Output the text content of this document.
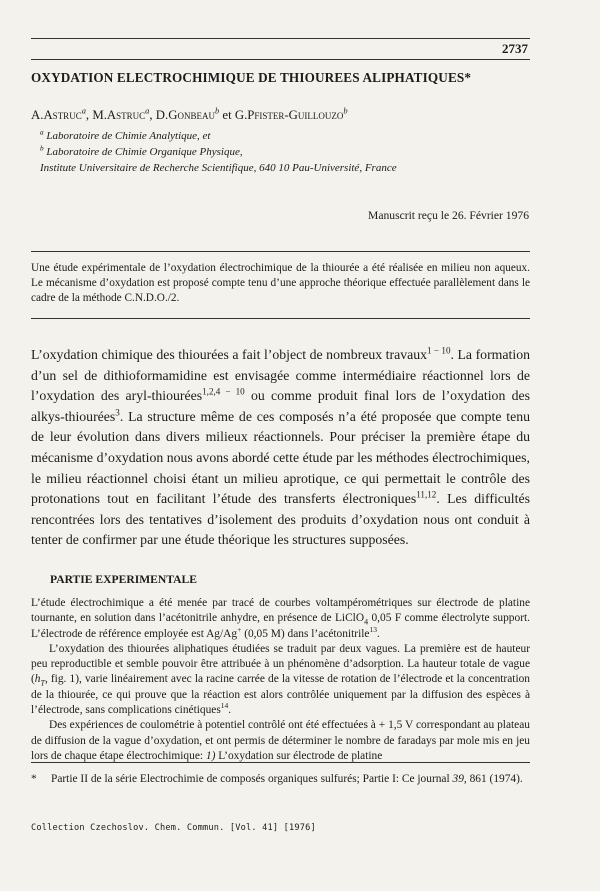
2737
OXYDATION ELECTROCHIMIQUE DE THIOUREES ALIPHATIQUES*
A.Astruc$^a$, M.Astruc$^a$, D.Gonbeau$^b$ et G.Pfister-Guillouzo$^b$
$^a$ Laboratoire de Chimie Analytique, et
$^b$ Laboratoire de Chimie Organique Physique,
Institute Universitaire de Recherche Scientifique, 640 10 Pau-Université, France
Manuscrit reçu le 26. Février 1976
Une étude expérimentale de l’oxydation électrochimique de la thiourée a été réalisée en milieu non aqueux. Le mécanisme d’oxydation est proposé compte tenu d’une approche théorique effectuée parallèlement dans le cadre de la méthode C.N.D.O./2.

L’oxydation chimique des thiourées a fait l’object de nombreux travaux$^{1 - 10}$. La formation d’un sel de dithioformamidine est envisagée comme intermédiaire réactionnel lors de l’oxydation des aryl-thiourées$^{1,2,4 - 10}$ ou comme produit final lors de l’oxydation des alkys-thiourées$^3$. La structure même de ces composés n’a été proposée que compte tenu de leur évolution dans divers milieux réactionnels. Pour préciser la première étape du mécanisme d’oxydation nous avons abordé cette étude par les méthodes électrochimiques, le milieu réactionnel choisi étant un milieu aprotique, ce qui permettait le contrôle des protonations tout en facilitant l’étude des transferts électroniques$^{11,12}$. Les difficultés rencontrées lors des tentatives d’isolement des produits d’oxydation nous ont conduit à tenter de confirmer par une étude théorique les structures supposées.

PARTIE EXPERIMENTALE

L’étude électrochimique a été menée par tracé de courbes voltampérométriques sur électrode de platine tournante, en solution dans l’acétonitrile anhydre, en présence de LiClO$_4$ 0,05 F comme électrolyte support. L’électrode de référence employée est Ag/Ag+ (0,05 M) dans l’acétonitrile$^{13}$.

L’oxydation des thiourées aliphatiques étudiées se traduit par deux vagues. La première est de hauteur peu reproductible et semble pouvoir être attribuée à un phénomène d’adsorption. La hauteur totale de vague ($h_T$, fig. 1), varie linéairement avec la racine carrée de la vitesse de rotation de l’électrode et la concentration de la thiourée, ce qui prouve que la réaction est alors contrôlée uniquement par la diffusion des espèces à l’électrode, sans complications cinétiques$^{14}$.

Des expériences de coulométrie à potentiel contrôlé ont été effectuées à + 1,5 V correspondant au plateau de diffusion de la vague d’oxydation, et ont permis de déterminer le nombre de faradays par mole mis en jeu lors de chaque étape électrochimique: 1) L’oxydation sur électrode de platine

* Partie II de la série Electrochimie de composés organiques sulfurés; Partie I: Ce journal 39, 861 (1974).
Collection Czechoslov. Chem. Commun. [Vol. 41] [1976]
